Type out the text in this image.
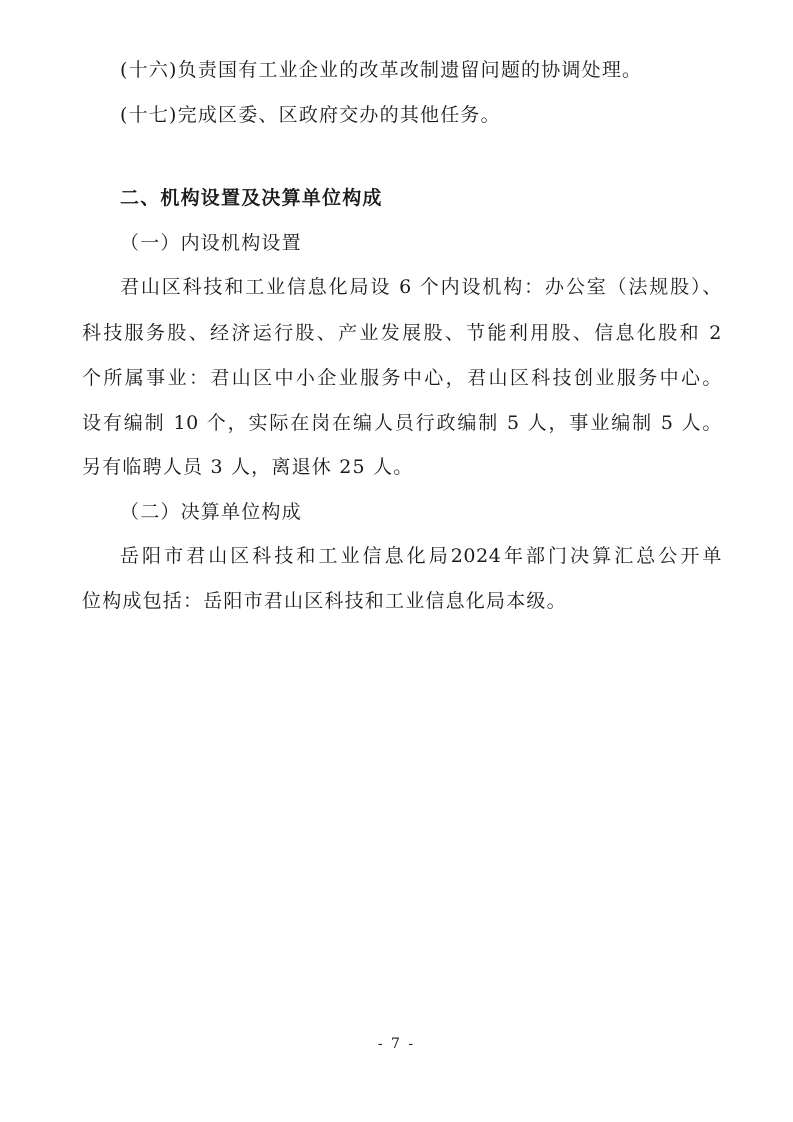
(十六)负责国有工业企业的改革改制遗留问题的协调处理。
(十七)完成区委、区政府交办的其他任务。
二、机构设置及决算单位构成
（一）内设机构设置
君山区科技和工业信息化局设 6 个内设机构：办公室（法规股）、
科技服务股、经济运行股、产业发展股、节能利用股、信息化股和 2
个所属事业：君山区中小企业服务中心，君山区科技创业服务中心。
设有编制 10 个，实际在岗在编人员行政编制 5 人，事业编制 5 人。
另有临聘人员 3 人，离退休 25 人。
（二）决算单位构成
岳阳市君山区科技和工业信息化局2024年部门决算汇总公开单
位构成包括：岳阳市君山区科技和工业信息化局本级。
- 7 -
